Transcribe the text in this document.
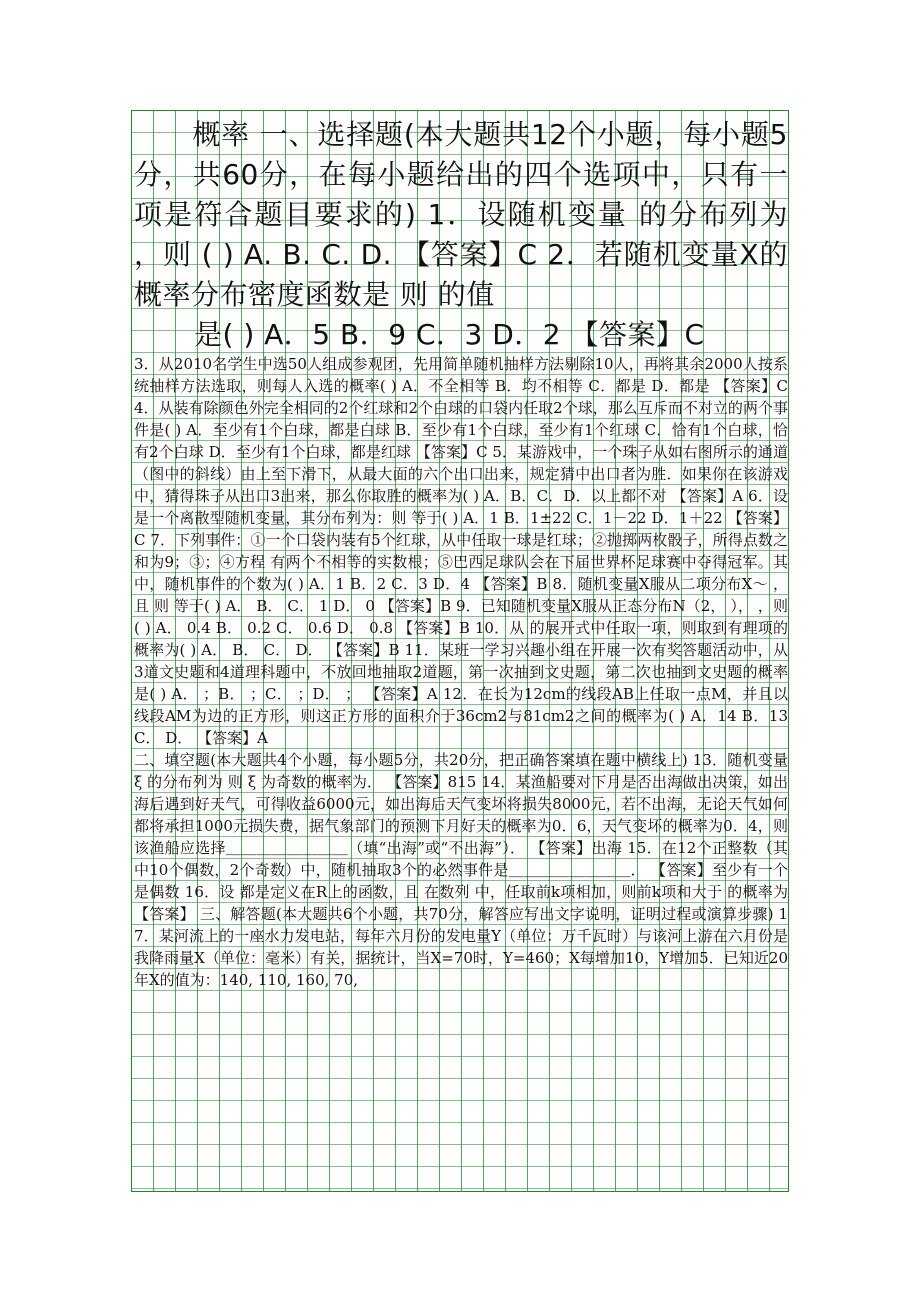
概率 一、选择题(本大题共12个小题，每小题5分，共60分，在每小题给出的四个选项中，只有一项是符合题目要求的) 1．设随机变量 的分布列为 ，则 ( ) A. B. C. D. 【答案】C 2．若随机变量X的概率分布密度函数是 则 的值
是( ) A．5 B．9 C．3 D．2 【答案】C

3．从2010名学生中选50人组成参观团，先用简单随机抽样方法剔除10人，再将其余2000人按系统抽样方法选取，则每人入选的概率( ) A．不全相等 B．均不相等 C．都是 D．都是 【答案】C 4．从装有除颜色外完全相同的2个红球和2个白球的口袋内任取2个球，那么互斥而不对立的两个事件是( ) A．至少有1个白球，都是白球 B．至少有1个白球，至少有1个红球 C．恰有1个白球，恰有2个白球 D．至少有1个白球，都是红球 【答案】C 5．某游戏中，一个珠子从如右图所示的通道（图中的斜线）由上至下滑下，从最大面的六个出口出来，规定猜中出口者为胜．如果你在该游戏中，猜得珠子从出口3出来，那么你取胜的概率为( ) A．B．C．D．以上都不对 【答案】A 6．设是一个离散型随机变量，其分布列为：则 等于( ) A．1 B．1±22 C．1－22 D．1＋22 【答案】C 7．下列事件：①一个口袋内装有5个红球，从中任取一球是红球；②抛掷两枚骰子，所得点数之和为9；③；④方程 有两个不相等的实数根；⑤巴西足球队会在下届世界杯足球赛中夺得冠军。其中，随机事件的个数为( ) A．1 B．2 C．3 D．4 【答案】B 8．随机变量X服从二项分布X～ ，且 则 等于( ) A． B． C． 1 D． 0 【答案】B 9．已知随机变量X服从正态分布N（2， ）， ，则 ( ) A． 0.4 B． 0.2 C． 0.6 D． 0.8 【答案】B 10．从 的展开式中任取一项，则取到有理项的概率为( ) A． B． C． D． 【答案】B 11．某班一学习兴趣小组在开展一次有奖答题活动中，从3道文史题和4道理科题中，不放回地抽取2道题，第一次抽到文史题，第二次也抽到文史题的概率是( ) A． ；B． ；C． ；D． ； 【答案】A 12．在长为12cm的线段AB上任取一点M，并且以线段AM为边的正方形，则这正方形的面积介于36cm2与81cm2之间的概率为( ) A．14 B．13 C． D． 【答案】A

二、填空题(本大题共4个小题，每小题5分，共20分，把正确答案填在题中横线上) 13．随机变量 ξ 的分布列为 则 ξ 为奇数的概率为． 【答案】815 14．某渔船要对下月是否出海做出决策，如出海后遇到好天气，可得收益6000元，如出海后天气变坏将损失8000元，若不出海，无论天气如何都将承担1000元损失费，据气象部门的预测下月好天的概率为0．6，天气变坏的概率为0．4，则该渔船应选择＿＿＿＿＿＿＿＿（填“出海”或“不出海”）． 【答案】出海 15．在12个正整数（其中10个偶数，2个奇数）中，随机抽取3个的必然事件是＿＿＿＿＿＿＿＿． 【答案】至少有一个是偶数 16．设 都是定义在R上的函数，且 在数列 中，任取前k项相加，则前k项和大于 的概率为 【答案】 三、解答题(本大题共6个小题，共70分，解答应写出文字说明，证明过程或演算步骤) 17．某河流上的一座水力发电站，每年六月份的发电量Y（单位：万千瓦时）与该河上游在六月份是我降雨量X（单位：毫米）有关，据统计，当X=70时，Y=460；X每增加10，Y增加5．已知近20年X的值为：140, 110, 160, 70,
